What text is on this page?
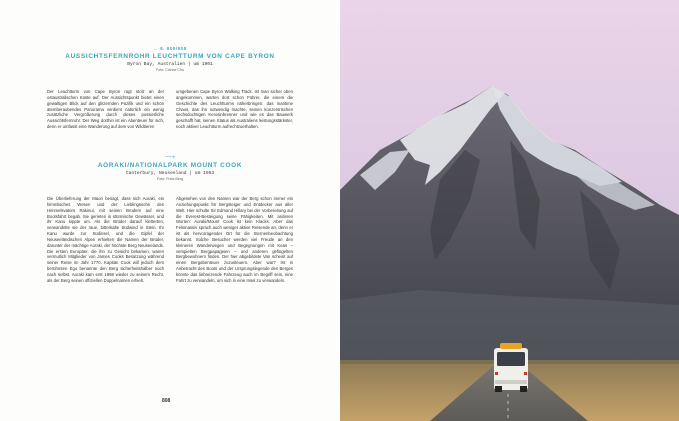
← 8. 808/808
AUSSICHTSFERNROHR LEUCHTTURM VON CAPE BYRON
Byron Bay, Australien | um 1901
Foto: Clarice Cho

Der Leuchtturm von Cape Byron ragt stolz an der ostaustralischen Küste auf. Der Aussichtspunkt bietet einen gewaltigen Blick auf den glitzernden Pazifik und ein schön atemberaubendes Panorama verdient natürlich ein wenig zusätzliche Vergrößerung durch dieses possierliche Aussichtsfernrohr. Der Weg dorthin ist ein Abenteuer für sich, denn er umfasst eine Wanderung auf dem von Wildtieren

umgebenen Cape Byron Walking Track. Ist man sicher oben angekommen, warten dort schon Führer, die einem die Geschichte des Leuchtturms näherbringen: das maritime Chaos, das ihn notwendig machte, seinen konzentrischen sechsdochtigen Kerosinbrenner und wie es das Bauwerk geschafft hat, seinen Status als Australiens leistungsstärkster, noch aktiver Leuchtturm aufrechtzuerhalten.

⟶
AORAKI/NATIONALPARK MOUNT COOK
Canterbury, Neuseeland | um 1953
Foto: Frida Berg

Die Überlieferung der Maori besagt, dass sich Aoraki, ein himmlisches Wesen und der Lieblingssohn des Himmelsvaters Rakinui, mit seinen Brüdern auf eine Bootsfahrt begab. Sie gerieten in stürmische Gewässer, und ihr Kanu kippte um. Als die Brüder darauf kletterten, verwandelte sie der raue, bitterkalte Südwind in Stein. Ihr Kanu wurde zur Südinsel, und die Gipfel der Neuseeländischen Alpen erhielten die Namen der Brüder, darunter der mächtige Aoraki, der höchste Berg Neuseelands. Die ersten Europäer, die ihn zu Gesicht bekamen, waren vermutlich Mitglieder von James Cooks Besatzung während seiner Reise im Jahr 1770. Kapitän Cook will jedoch dem berühmten Ego benannte den Berg sicherheitshalber noch nach selbst. Aoraki kam erst 1998 wieder zu seinem Recht, als der Berg seinen offiziellen Doppelnamen erhielt.

Abgesehen von den Namen war der Berg schon immer ein Anziehungspunkt für Bergsteiger und Entdecker aus aller Welt. Hier schulte Sir Edmund Hillary bei der Vorbereitung auf die Everest-Besteigung seine Fähigkeiten. Mit anderen Worten: Aoraki/Mount Cook ist kein Klacks. Aber das Felsmassiv sprach auch weniger aktive Reisende an, denn er ist als hervorragender Ort für die Sternenbeobachtung bekannt. Solche Besucher werden viel Freude an den kleineren Wanderwegen und Begegnungen mit Keas – verspielten Bergpapageien – und anderen gefiügelten Bergbewohnern finden. Der hier abgebildete Van scheint auf einen Bergabenteuer zuzusteuern. Aber war? Ist in Anbetracht des Boots und der Ursprungslegende des Berges könnte das liebreizende Fahrzeug auch im Begriff sein, eine Fahrt zu verwandeln, um sich in eine Insel zu verwandeln.

808
